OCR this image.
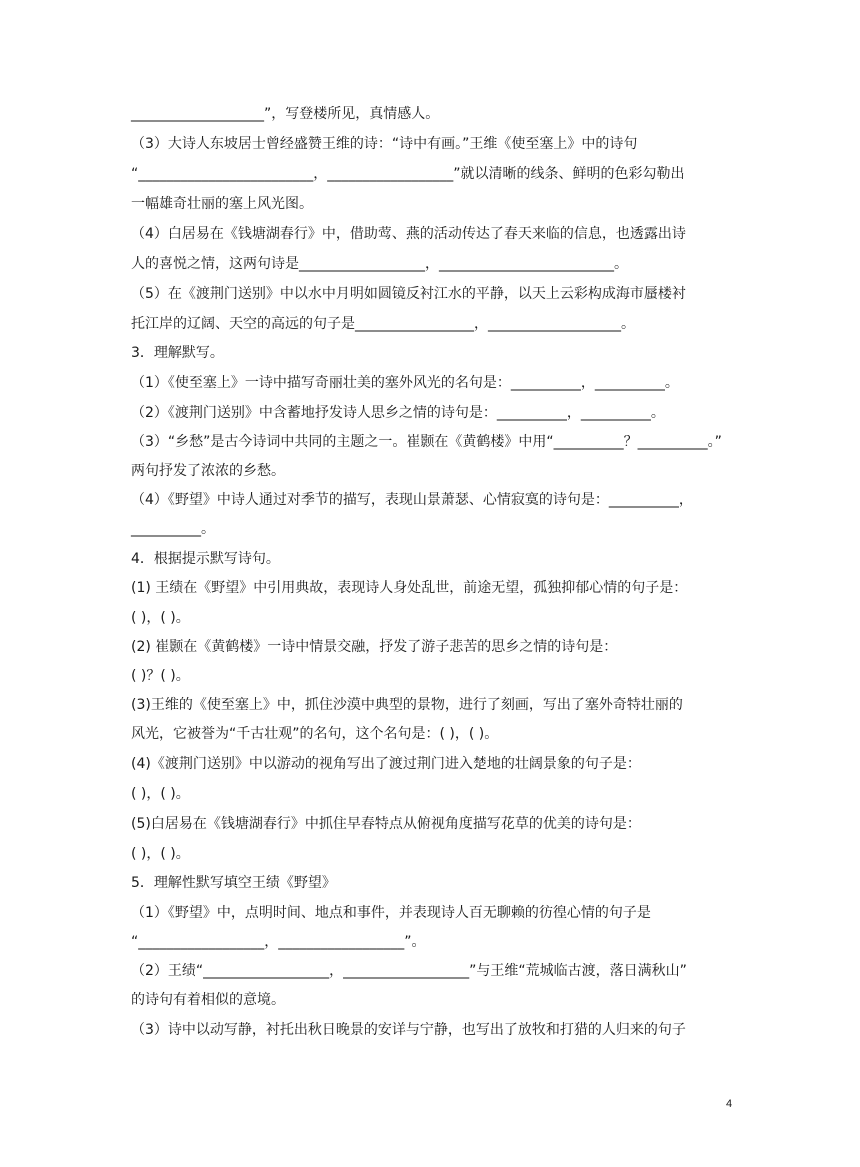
___________________”，写登楼所见，真情感人。
（3）大诗人东坡居士曾经盛赞王维的诗：“诗中有画。”王维《使至塞上》中的诗句
“_________________________，__________________”就以清晰的线条、鲜明的色彩勾勒出
一幅雄奇壮丽的塞上风光图。
（4）白居易在《钱塘湖春行》中，借助莺、燕的活动传达了春天来临的信息，也透露出诗
人的喜悦之情，这两句诗是__________________，_________________________。
（5）在《渡荆门送别》中以水中月明如圆镜反衬江水的平静，以天上云彩构成海市蜃楼衬
托江岸的辽阔、天空的高远的句子是_________________，___________________。
3．理解默写。
（1）《使至塞上》一诗中描写奇丽壮美的塞外风光的名句是：__________，__________。
（2）《渡荆门送别》中含蓄地抒发诗人思乡之情的诗句是：__________，__________。
（3）“乡愁”是古今诗词中共同的主题之一。崔颢在《黄鹤楼》中用“__________？__________。”
两句抒发了浓浓的乡愁。
（4）《野望》中诗人通过对季节的描写，表现山景萧瑟、心情寂寞的诗句是：__________，
__________。
4．根据提示默写诗句。
(1) 王绩在《野望》中引用典故，表现诗人身处乱世，前途无望，孤独抑郁心情的句子是：
( )，( )。
(2) 崔颢在《黄鹤楼》一诗中情景交融，抒发了游子悲苦的思乡之情的诗句是：
( )？( )。
(3)王维的《使至塞上》中，抓住沙漠中典型的景物，进行了刻画，写出了塞外奇特壮丽的
风光，它被誉为“千古壮观”的名句，这个名句是：( )，( )。
(4)《渡荆门送别》中以游动的视角写出了渡过荆门进入楚地的壮阔景象的句子是：
( )，( )。
(5)白居易在《钱塘湖春行》中抓住早春特点从俯视角度描写花草的优美的诗句是：
( )，( )。
5．理解性默写填空王绩《野望》
（1）《野望》中，点明时间、地点和事件，并表现诗人百无聊赖的彷徨心情的句子是
“__________________，__________________”。
（2）王绩“__________________，__________________”与王维“荒城临古渡，落日满秋山”
的诗句有着相似的意境。
（3）诗中以动写静，衬托出秋日晚景的安详与宁静，也写出了放牧和打猎的人归来的句子
4
